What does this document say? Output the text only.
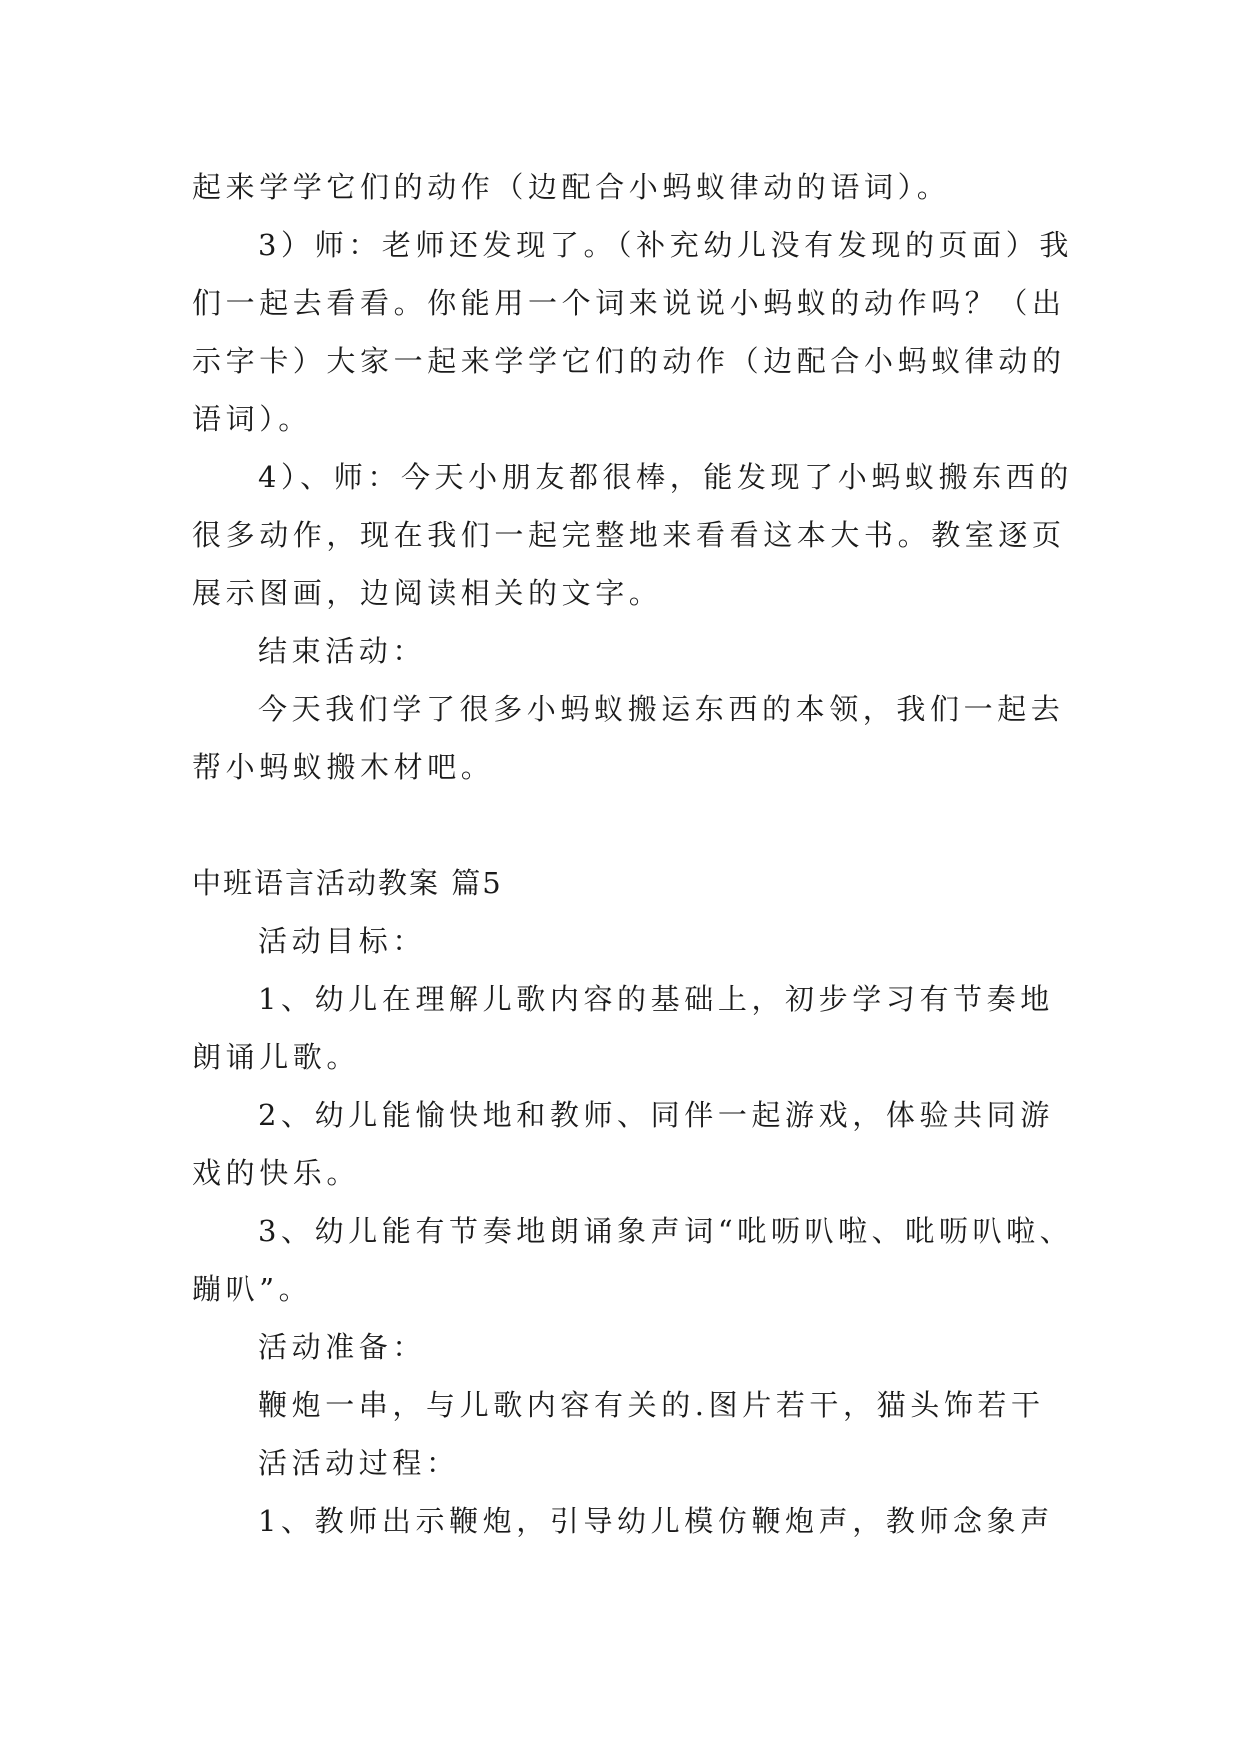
起来学学它们的动作（边配合小蚂蚁律动的语词）。
3）师：老师还发现了。（补充幼儿没有发现的页面）我
们一起去看看。你能用一个词来说说小蚂蚁的动作吗？（出
示字卡）大家一起来学学它们的动作（边配合小蚂蚁律动的
语词）。
4）、师：今天小朋友都很棒，能发现了小蚂蚁搬东西的
很多动作，现在我们一起完整地来看看这本大书。教室逐页
展示图画，边阅读相关的文字。
结束活动：
今天我们学了很多小蚂蚁搬运东西的本领，我们一起去
帮小蚂蚁搬木材吧。
中班语言活动教案 篇5
活动目标：
1、幼儿在理解儿歌内容的基础上，初步学习有节奏地
朗诵儿歌。
2、幼儿能愉快地和教师、同伴一起游戏，体验共同游
戏的快乐。
3、幼儿能有节奏地朗诵象声词“吡呖叭啦、吡呖叭啦、
蹦叭”。
活动准备：
鞭炮一串，与儿歌内容有关的.图片若干，猫头饰若干
活活动过程：
1、教师出示鞭炮，引导幼儿模仿鞭炮声，教师念象声
